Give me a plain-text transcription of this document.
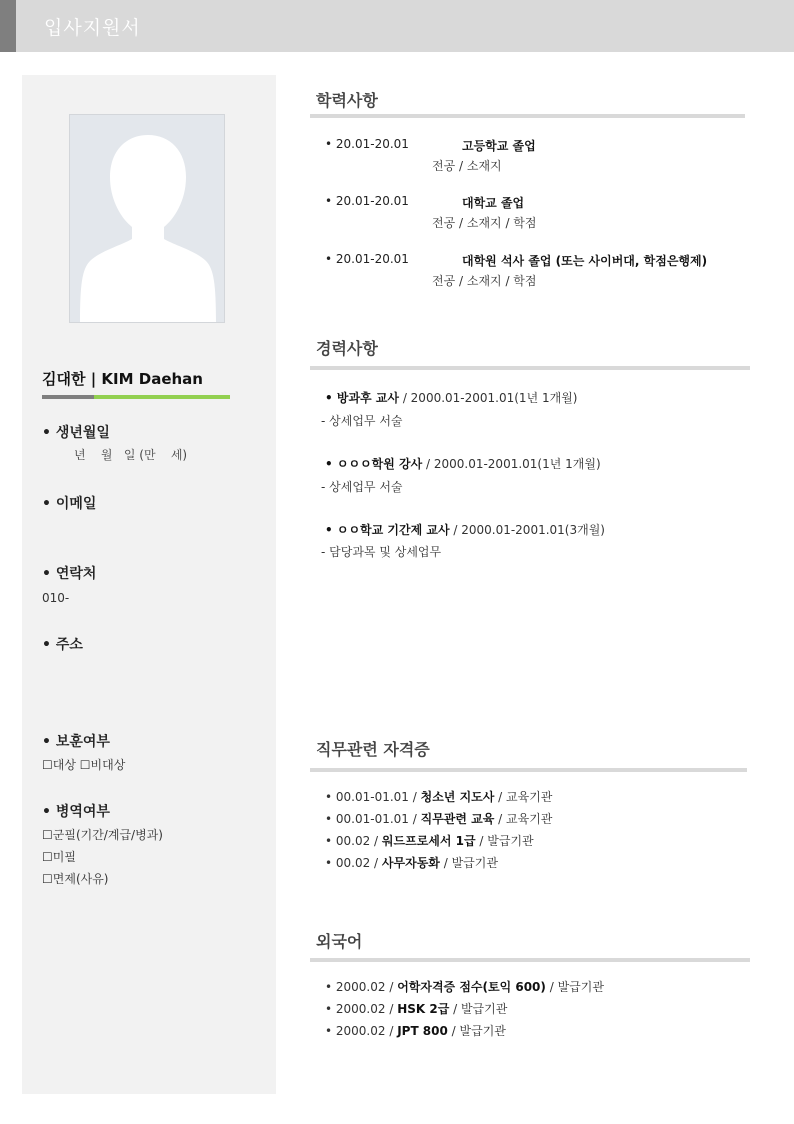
입사지원서
김대한 | KIM Daehan
• 생년월일
년    월   일 (만    세)
• 이메일
• 연락처
010-
• 주소
• 보훈여부
☐대상 ☐비대상
• 병역여부
☐군필(기간/계급/병과)
☐미필
☐면제(사유)
학력사항
• 20.01-20.01	고등학교 졸업
전공 / 소재지
• 20.01-20.01	대학교 졸업
전공 / 소재지 / 학점
• 20.01-20.01	대학원 석사 졸업 (또는 사이버대, 학점은행제)
전공 / 소재지 / 학점
경력사항
• 방과후 교사 / 2000.01-2001.01(1년 1개월)
- 상세업무 서술
• ㅇㅇㅇ학원 강사 / 2000.01-2001.01(1년 1개월)
- 상세업무 서술
• ㅇㅇ학교 기간제 교사 / 2000.01-2001.01(3개월)
- 담당과목 및 상세업무
직무관련 자격증
• 00.01-01.01 / 청소년 지도사 / 교육기관
• 00.01-01.01 / 직무관련 교육 / 교육기관
• 00.02 / 워드프로세서 1급 / 발급기관
• 00.02 / 사무자동화 / 발급기관
외국어
• 2000.02 / 어학자격증 점수(토익 600) / 발급기관
• 2000.02 / HSK 2급 / 발급기관
• 2000.02 / JPT 800 / 발급기관
